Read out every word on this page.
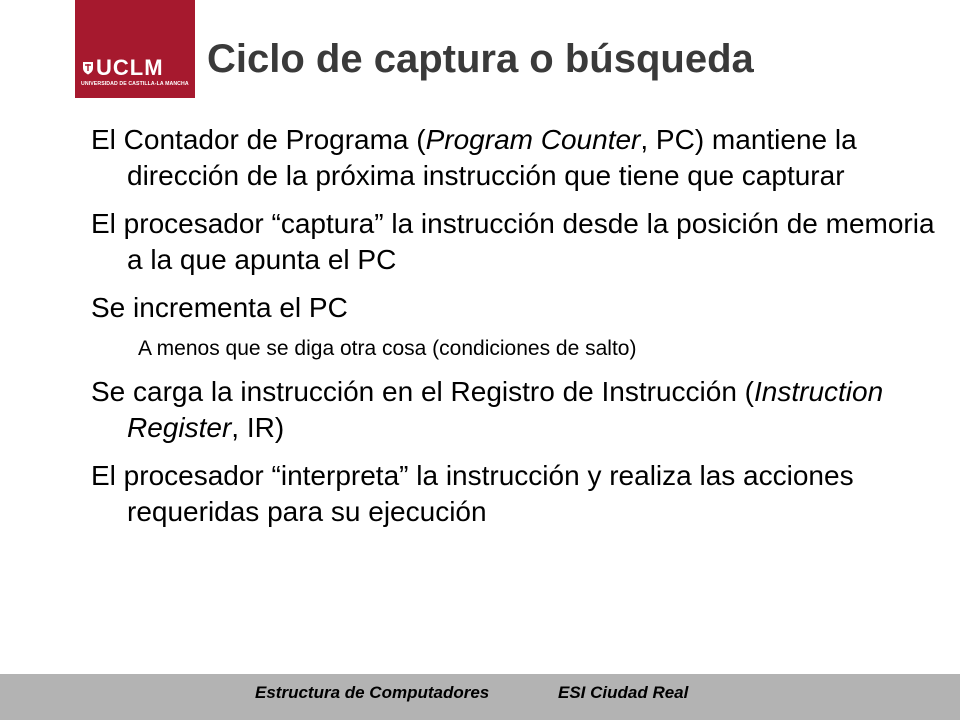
UCLM
UNIVERSIDAD DE CASTILLA-LA MANCHA
Ciclo de captura o búsqueda

El Contador de Programa (Program Counter, PC) mantiene la dirección de la próxima instrucción que tiene que capturar

El procesador “captura” la instrucción desde la posición de memoria a la que apunta el PC

Se incrementa el PC

A menos que se diga otra cosa (condiciones de salto)

Se carga la instrucción en el Registro de Instrucción (Instruction Register, IR)

El procesador “interpreta” la instrucción y realiza las acciones requeridas para su ejecución

Estructura de Computadores	ESI Ciudad Real
